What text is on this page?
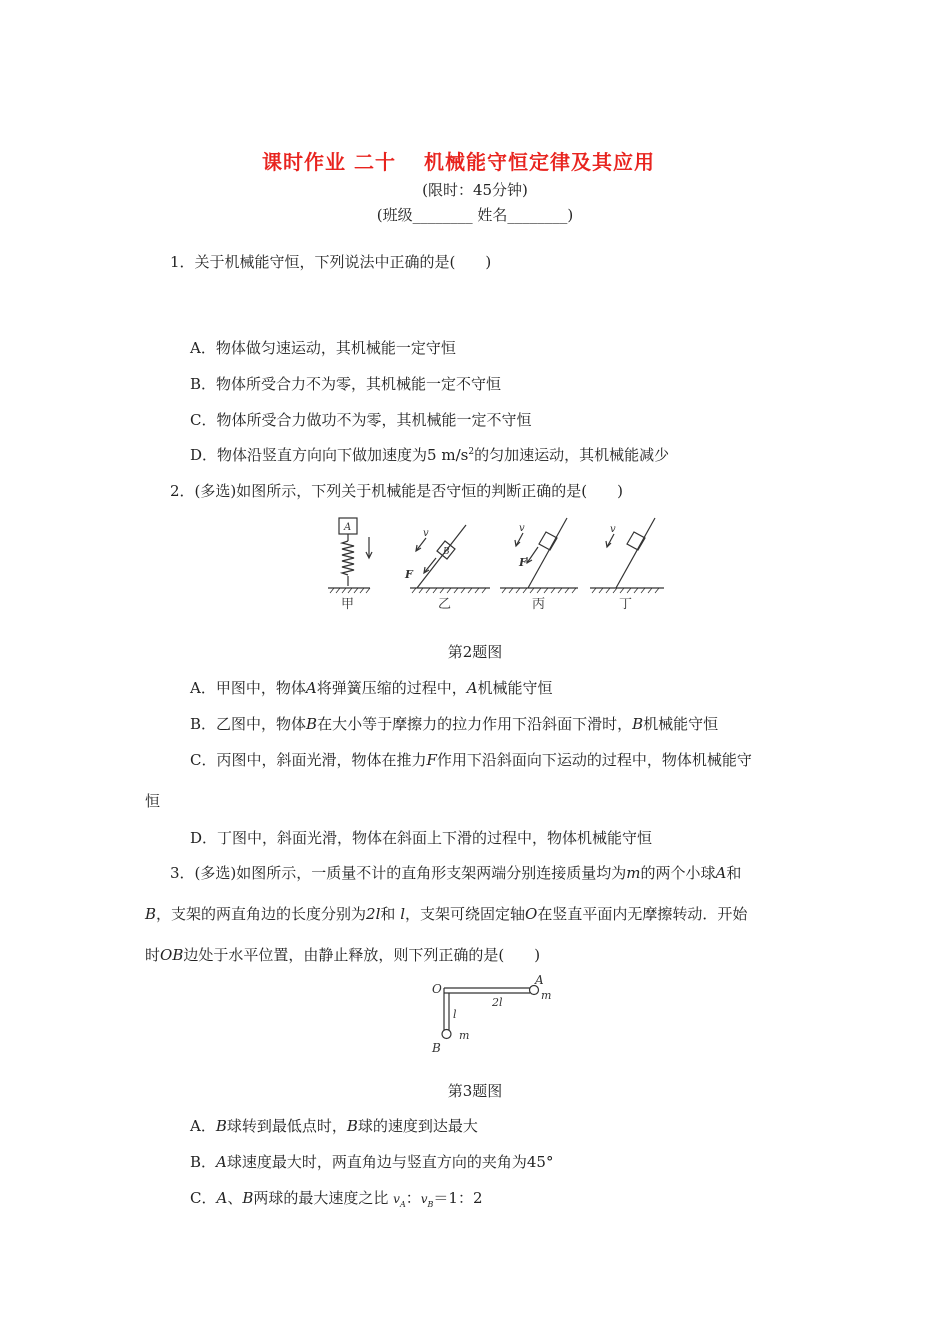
课时作业 二十 机械能守恒定律及其应用
(限时：45分钟)
(班级________ 姓名________)
1．关于机械能守恒，下列说法中正确的是(　　)
A．物体做匀速运动，其机械能一定守恒
B．物体所受合力不为零，其机械能一定不守恒
C．物体所受合力做功不为零，其机械能一定不守恒
D．物体沿竖直方向向下做加速度为5 $m/s^2$的匀加速运动，其机械能减少
2．(多选)如图所示，下列关于机械能是否守恒的判断正确的是(　　)
A
甲
v
B
F
乙
v
F
丙
v
丁
第2题图
A．甲图中，物体A将弹簧压缩的过程中，A机械能守恒
B．乙图中，物体B在大小等于摩擦力的拉力作用下沿斜面下滑时，B机械能守恒
C．丙图中，斜面光滑，物体在推力F作用下沿斜面向下运动的过程中，物体机械能守
恒
D．丁图中，斜面光滑，物体在斜面上下滑的过程中，物体机械能守恒
3．(多选)如图所示，一质量不计的直角形支架两端分别连接质量均为m的两个小球A和
B，支架的两直角边的长度分别为2l和 l，支架可绕固定轴O在竖直平面内无摩擦转动．开始
时OB边处于水平位置，由静止释放，则下列正确的是(　　)
O
A
m
2l
l
m
B
第3题图
A．B球转到最低点时，B球的速度到达最大
B．A球速度最大时，两直角边与竖直方向的夹角为45°
C．A、B两球的最大速度之比 $v_A$：$v_B=1$：2
